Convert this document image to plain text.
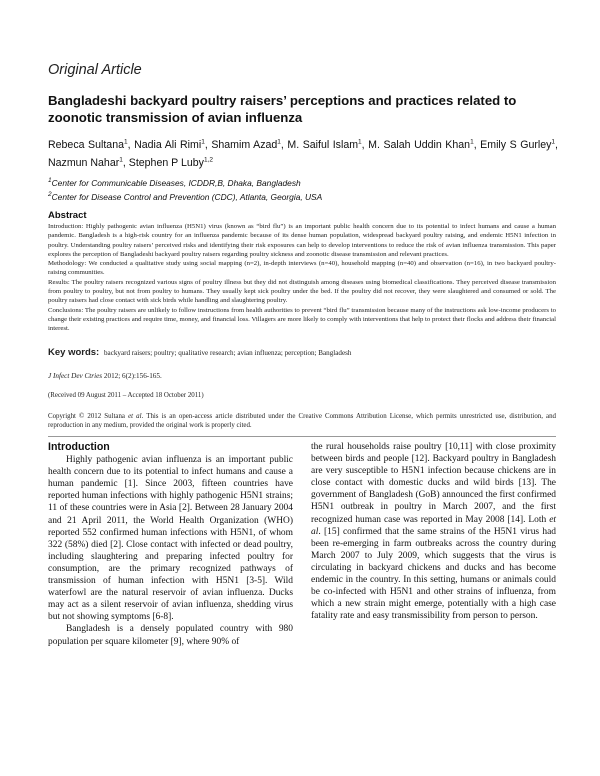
Original Article
Bangladeshi backyard poultry raisers’ perceptions and practices related to zoonotic transmission of avian influenza
Rebeca Sultana$^1$, Nadia Ali Rimi$^1$, Shamim Azad$^1$, M. Saiful Islam$^1$, M. Salah Uddin Khan$^1$, Emily S Gurley$^1$, Nazmun Nahar$^1$, Stephen P Luby$^{1,2}$
$^1$Center for Communicable Diseases, ICDDR,B, Dhaka, Bangladesh
$^2$Center for Disease Control and Prevention (CDC), Atlanta, Georgia, USA
Abstract

Introduction: Highly pathogenic avian influenza (H5N1) virus (known as “bird flu”) is an important public health concern due to its potential to infect humans and cause a human pandemic. Bangladesh is a high-risk country for an influenza pandemic because of its dense human population, widespread backyard poultry raising, and endemic H5N1 infection in poultry. Understanding poultry raisers’ perceived risks and identifying their risk exposures can help to develop interventions to reduce the risk of avian influenza transmission. This paper explores the perception of Bangladeshi backyard poultry raisers regarding poultry sickness and zoonotic disease transmission and relevant practices.

Methodology: We conducted a qualitative study using social mapping (n=2), in-depth interviews (n=40), household mapping (n=40) and observation (n=16), in two backyard poultry-raising communities.

Results: The poultry raisers recognized various signs of poultry illness but they did not distinguish among diseases using biomedical classifications. They perceived disease transmission from poultry to poultry, but not from poultry to humans. They usually kept sick poultry under the bed. If the poultry did not recover, they were slaughtered and consumed or sold. The poultry raisers had close contact with sick birds while handling and slaughtering poultry.

Conclusions: The poultry raisers are unlikely to follow instructions from health authorities to prevent “bird flu” transmission because many of the instructions ask low-income producers to change their existing practices and require time, money, and financial loss. Villagers are more likely to comply with interventions that help to protect their flocks and address their financial interest.

Key words: backyard raisers; poultry; qualitative research; avian influenza; perception; Bangladesh
J Infect Dev Ctries 2012; 6(2):156-165.
(Received 09 August 2011 – Accepted 18 October 2011)
Copyright © 2012 Sultana et al. This is an open-access article distributed under the Creative Commons Attribution License, which permits unrestricted use, distribution, and reproduction in any medium, provided the original work is properly cited.
Introduction

Highly pathogenic avian influenza is an important public health concern due to its potential to infect humans and cause a human pandemic [1]. Since 2003, fifteen countries have reported human infections with highly pathogenic H5N1 strains; 11 of these countries were in Asia [2]. Between 28 January 2004 and 21 April 2011, the World Health Organization (WHO) reported 552 confirmed human infections with H5N1, of whom 322 (58%) died [2]. Close contact with infected or dead poultry, including slaughtering and preparing infected poultry for consumption, are the primary recognized pathways of transmission of human infection with H5N1 [3-5]. Wild waterfowl are the natural reservoir of avian influenza. Ducks may act as a silent reservoir of avian influenza, shedding virus but not showing symptoms [6-8].

Bangladesh is a densely populated country with 980 population per square kilometer [9], where 90% of

the rural households raise poultry [10,11] with close proximity between birds and people [12]. Backyard poultry in Bangladesh are very susceptible to H5N1 infection because chickens are in close contact with domestic ducks and wild birds [13]. The government of Bangladesh (GoB) announced the first confirmed H5N1 outbreak in poultry in March 2007, and the first recognized human case was reported in May 2008 [14]. Loth et al. [15] confirmed that the same strains of the H5N1 virus had been re-emerging in farm outbreaks across the country during March 2007 to July 2009, which suggests that the virus is circulating in backyard chickens and ducks and has become endemic in the country. In this setting, humans or animals could be co-infected with H5N1 and other strains of influenza, from which a new strain might emerge, potentially with a high case fatality rate and easy transmissibility from person to person.
